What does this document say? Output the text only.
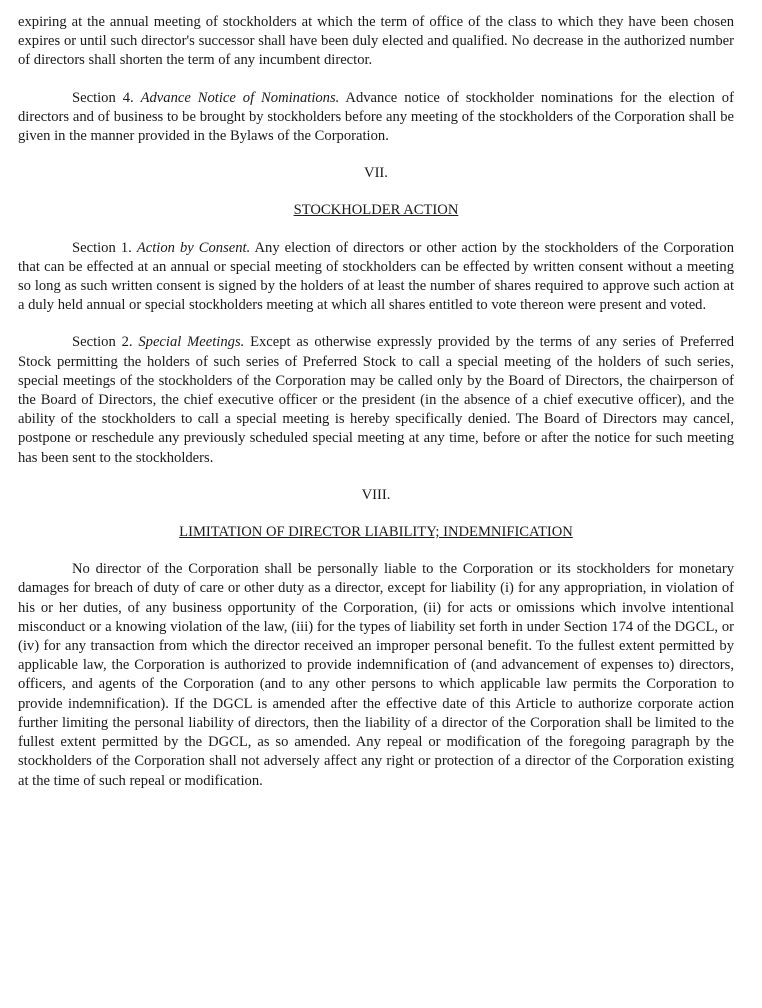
expiring at the annual meeting of stockholders at which the term of office of the class to which they have been chosen expires or until such director's successor shall have been duly elected and qualified. No decrease in the authorized number of directors shall shorten the term of any incumbent director.

Section 4. Advance Notice of Nominations. Advance notice of stockholder nominations for the election of directors and of business to be brought by stockholders before any meeting of the stockholders of the Corporation shall be given in the manner provided in the Bylaws of the Corporation.

VII.

STOCKHOLDER ACTION

Section 1. Action by Consent. Any election of directors or other action by the stockholders of the Corporation that can be effected at an annual or special meeting of stockholders can be effected by written consent without a meeting so long as such written consent is signed by the holders of at least the number of shares required to approve such action at a duly held annual or special stockholders meeting at which all shares entitled to vote thereon were present and voted.

Section 2. Special Meetings. Except as otherwise expressly provided by the terms of any series of Preferred Stock permitting the holders of such series of Preferred Stock to call a special meeting of the holders of such series, special meetings of the stockholders of the Corporation may be called only by the Board of Directors, the chairperson of the Board of Directors, the chief executive officer or the president (in the absence of a chief executive officer), and the ability of the stockholders to call a special meeting is hereby specifically denied. The Board of Directors may cancel, postpone or reschedule any previously scheduled special meeting at any time, before or after the notice for such meeting has been sent to the stockholders.

VIII.

LIMITATION OF DIRECTOR LIABILITY; INDEMNIFICATION

No director of the Corporation shall be personally liable to the Corporation or its stockholders for monetary damages for breach of duty of care or other duty as a director, except for liability (i) for any appropriation, in violation of his or her duties, of any business opportunity of the Corporation, (ii) for acts or omissions which involve intentional misconduct or a knowing violation of the law, (iii) for the types of liability set forth in under Section 174 of the DGCL, or (iv) for any transaction from which the director received an improper personal benefit. To the fullest extent permitted by applicable law, the Corporation is authorized to provide indemnification of (and advancement of expenses to) directors, officers, and agents of the Corporation (and to any other persons to which applicable law permits the Corporation to provide indemnification). If the DGCL is amended after the effective date of this Article to authorize corporate action further limiting the personal liability of directors, then the liability of a director of the Corporation shall be limited to the fullest extent permitted by the DGCL, as so amended. Any repeal or modification of the foregoing paragraph by the stockholders of the Corporation shall not adversely affect any right or protection of a director of the Corporation existing at the time of such repeal or modification.
